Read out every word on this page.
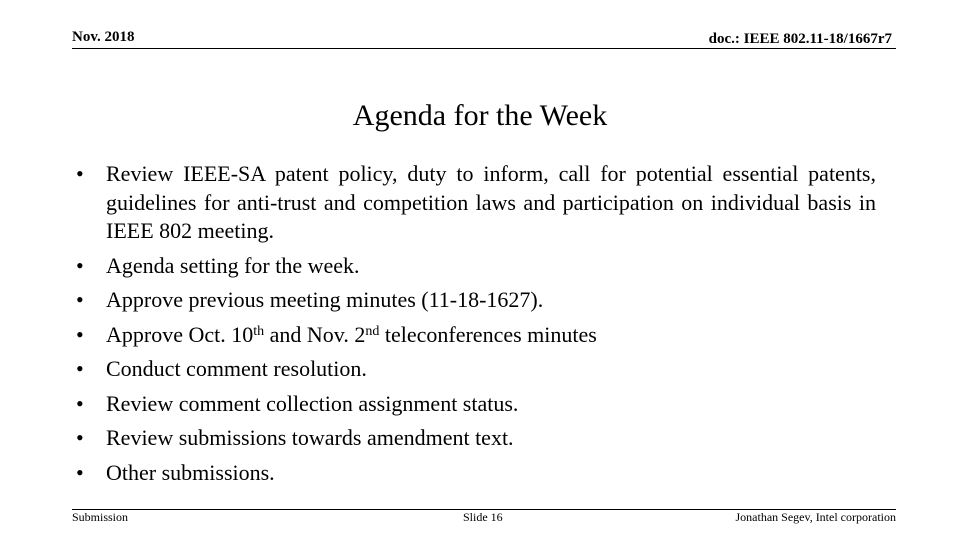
Nov. 2018	doc.: IEEE 802.11-18/1667r7
Agenda for the Week
• Review IEEE-SA patent policy, duty to inform, call for potential essential patents, guidelines for anti-trust and competition laws and participation on individual basis in IEEE 802 meeting.
• Agenda setting for the week.
• Approve previous meeting minutes (11-18-1627).
• Approve Oct. 10th and Nov. 2nd teleconferences minutes
• Conduct comment resolution.
• Review comment collection assignment status.
• Review submissions towards amendment text.
• Other submissions.
Submission	Slide 16	Jonathan Segev, Intel corporation
